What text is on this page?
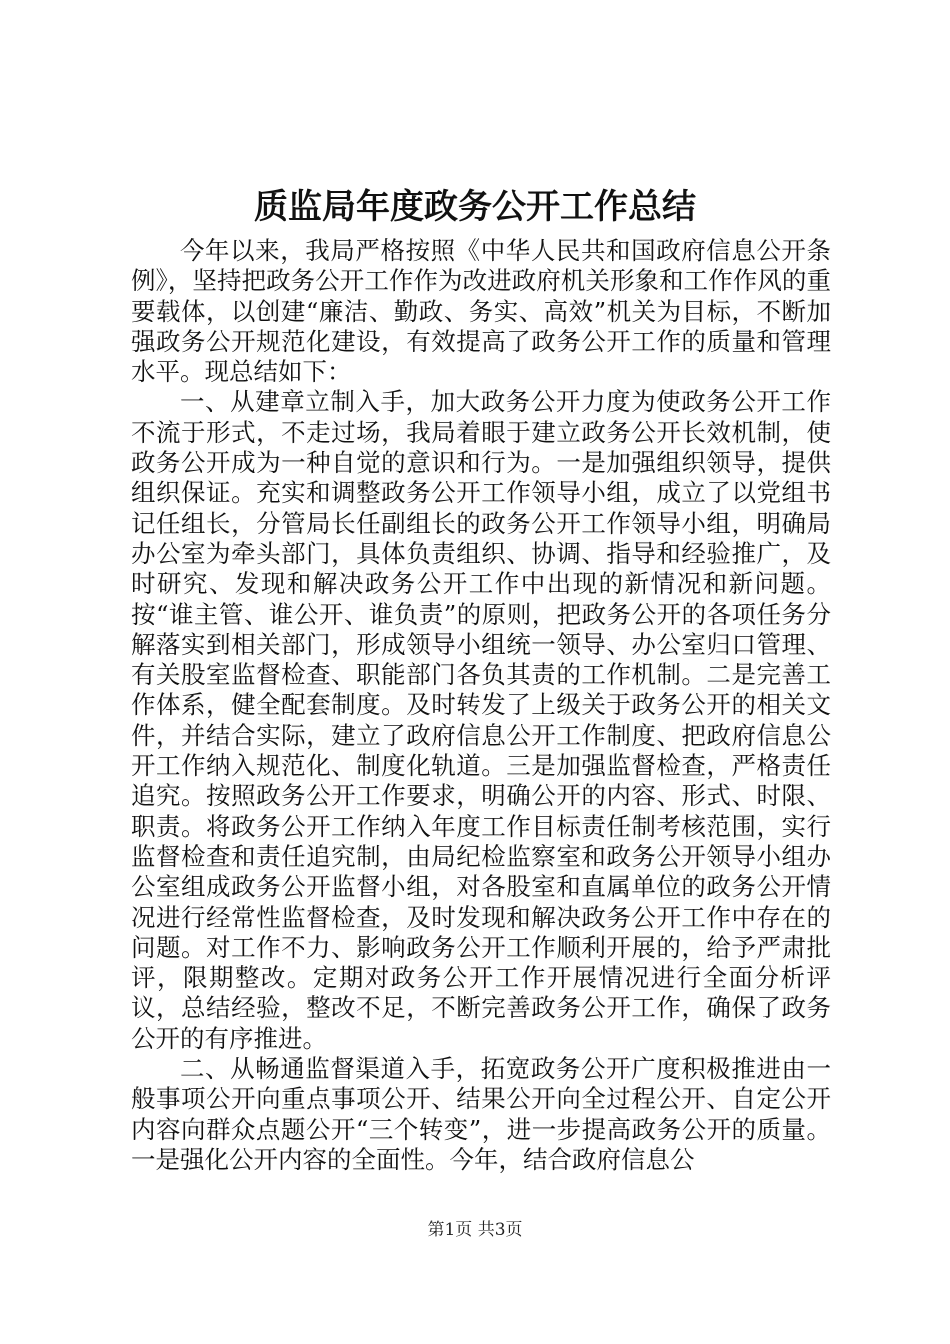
质监局年度政务公开工作总结

今年以来，我局严格按照《中华人民共和国政府信息公开条例》，坚持把政务公开工作作为改进政府机关形象和工作作风的重要载体，以创建“廉洁、勤政、务实、高效”机关为目标，不断加强政务公开规范化建设，有效提高了政务公开工作的质量和管理水平。现总结如下：

一、从建章立制入手，加大政务公开力度为使政务公开工作不流于形式，不走过场，我局着眼于建立政务公开长效机制，使政务公开成为一种自觉的意识和行为。一是加强组织领导，提供组织保证。充实和调整政务公开工作领导小组，成立了以党组书记任组长，分管局长任副组长的政务公开工作领导小组，明确局办公室为牵头部门，具体负责组织、协调、指导和经验推广，及时研究、发现和解决政务公开工作中出现的新情况和新问题。按“谁主管、谁公开、谁负责”的原则，把政务公开的各项任务分解落实到相关部门，形成领导小组统一领导、办公室归口管理、有关股室监督检查、职能部门各负其责的工作机制。二是完善工作体系，健全配套制度。及时转发了上级关于政务公开的相关文件，并结合实际，建立了政府信息公开工作制度、把政府信息公开工作纳入规范化、制度化轨道。三是加强监督检查，严格责任追究。按照政务公开工作要求，明确公开的内容、形式、时限、职责。将政务公开工作纳入年度工作目标责任制考核范围，实行监督检查和责任追究制，由局纪检监察室和政务公开领导小组办公室组成政务公开监督小组，对各股室和直属单位的政务公开情况进行经常性监督检查，及时发现和解决政务公开工作中存在的问题。对工作不力、影响政务公开工作顺利开展的，给予严肃批评，限期整改。定期对政务公开工作开展情况进行全面分析评议，总结经验，整改不足，不断完善政务公开工作，确保了政务公开的有序推进。

二、从畅通监督渠道入手，拓宽政务公开广度积极推进由一般事项公开向重点事项公开、结果公开向全过程公开、自定公开内容向群众点题公开“三个转变”，进一步提高政务公开的质量。一是强化公开内容的全面性。今年，结合政府信息公

第1页 共3页
